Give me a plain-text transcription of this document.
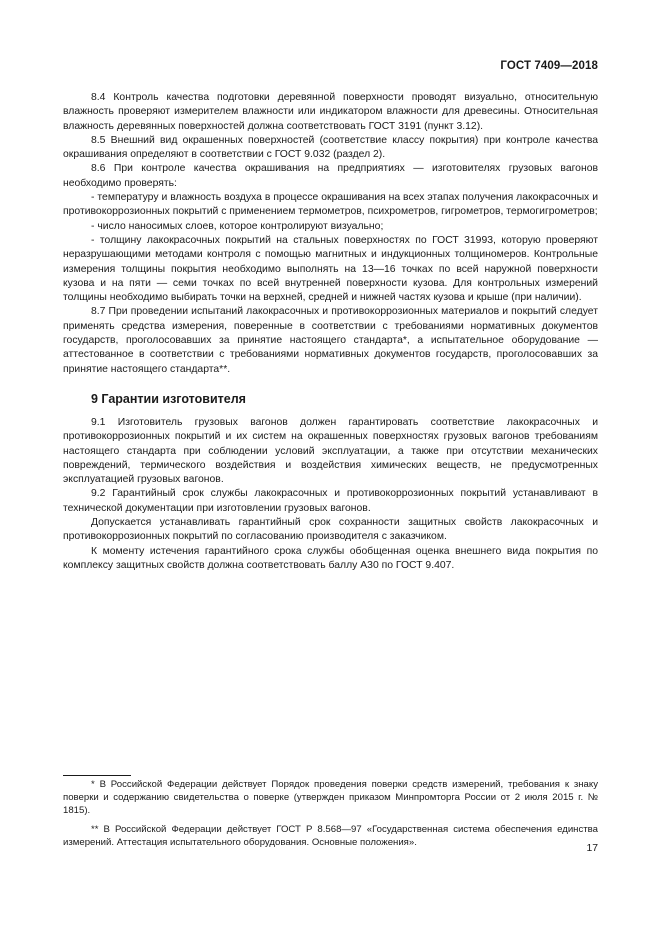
ГОСТ 7409—2018

8.4 Контроль качества подготовки деревянной поверхности проводят визуально, относительную влажность проверяют измерителем влажности или индикатором влажности для древесины. Относительная влажность деревянных поверхностей должна соответствовать ГОСТ 3191 (пункт 3.12).

8.5 Внешний вид окрашенных поверхностей (соответствие классу покрытия) при контроле качества окрашивания определяют в соответствии с ГОСТ 9.032 (раздел 2).

8.6 При контроле качества окрашивания на предприятиях — изготовителях грузовых вагонов необходимо проверять:

- температуру и влажность воздуха в процессе окрашивания на всех этапах получения лакокрасочных и противокоррозионных покрытий с применением термометров, психрометров, гигрометров, термогигрометров;

- число наносимых слоев, которое контролируют визуально;

- толщину лакокрасочных покрытий на стальных поверхностях по ГОСТ 31993, которую проверяют неразрушающими методами контроля с помощью магнитных и индукционных толщиномеров. Контрольные измерения толщины покрытия необходимо выполнять на 13—16 точках по всей наружной поверхности кузова и на пяти — семи точках по всей внутренней поверхности кузова. Для контрольных измерений толщины необходимо выбирать точки на верхней, средней и нижней частях кузова и крыше (при наличии).

8.7 При проведении испытаний лакокрасочных и противокоррозионных материалов и покрытий следует применять средства измерения, поверенные в соответствии с требованиями нормативных документов государств, проголосовавших за принятие настоящего стандарта*, а испытательное оборудование — аттестованное в соответствии с требованиями нормативных документов государств, проголосовавших за принятие настоящего стандарта**.

9 Гарантии изготовителя

9.1 Изготовитель грузовых вагонов должен гарантировать соответствие лакокрасочных и противокоррозионных покрытий и их систем на окрашенных поверхностях грузовых вагонов требованиям настоящего стандарта при соблюдении условий эксплуатации, а также при отсутствии механических повреждений, термического воздействия и воздействия химических веществ, не предусмотренных эксплуатацией грузовых вагонов.

9.2 Гарантийный срок службы лакокрасочных и противокоррозионных покрытий устанавливают в технической документации при изготовлении грузовых вагонов.

Допускается устанавливать гарантийный срок сохранности защитных свойств лакокрасочных и противокоррозионных покрытий по согласованию производителя с заказчиком.

К моменту истечения гарантийного срока службы обобщенная оценка внешнего вида покрытия по комплексу защитных свойств должна соответствовать баллу А30 по ГОСТ 9.407.

* В Российской Федерации действует Порядок проведения поверки средств измерений, требования к знаку поверки и содержанию свидетельства о поверке (утвержден приказом Минпромторга России от 2 июля 2015 г. № 1815).

** В Российской Федерации действует ГОСТ Р 8.568—97 «Государственная система обеспечения единства измерений. Аттестация испытательного оборудования. Основные положения».

17
